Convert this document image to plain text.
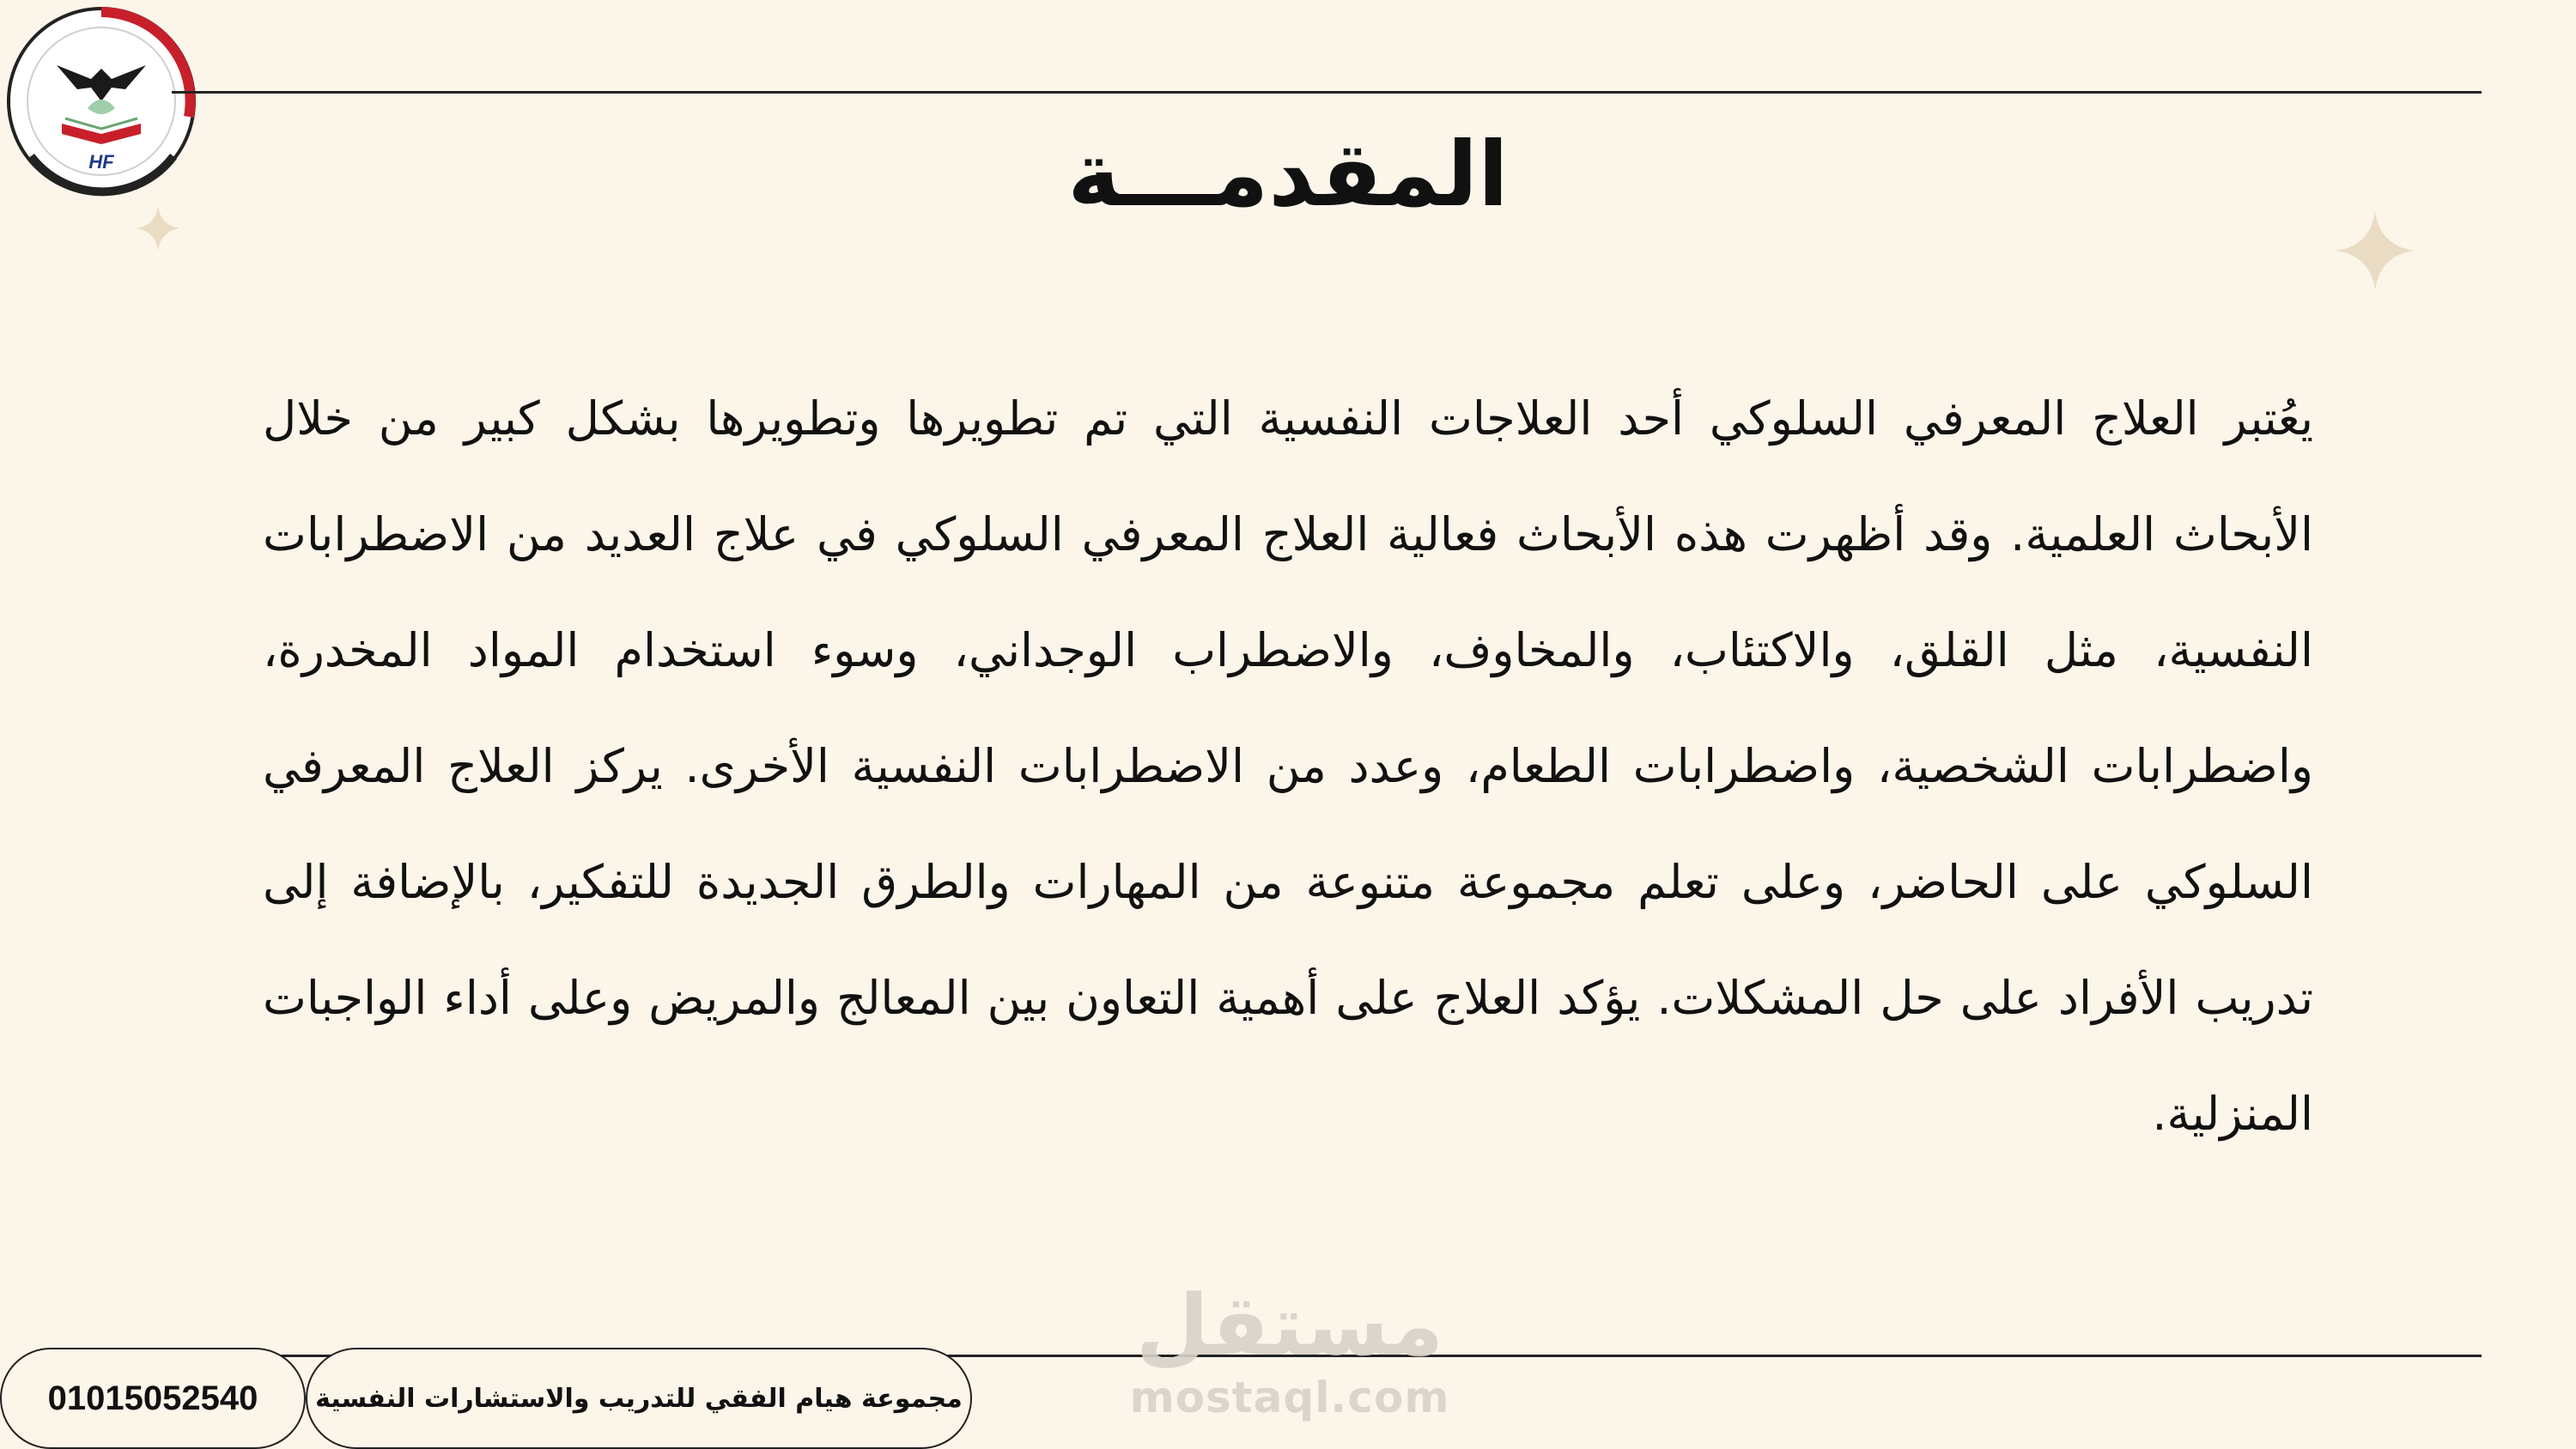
HF	المقدمـــة
يعُتبر العلاج المعرفي السلوكي أحد العلاجات النفسية التي تم تطويرها وتطويرها بشكل كبير من خلال الأبحاث العلمية. وقد أظهرت هذه الأبحاث فعالية العلاج المعرفي السلوكي في علاج العديد من الاضطرابات النفسية، مثل القلق، والاكتئاب، والمخاوف، والاضطراب الوجداني، وسوء استخدام المواد المخدرة، واضطرابات الشخصية، واضطرابات الطعام، وعدد من الاضطرابات النفسية الأخرى. يركز العلاج المعرفي السلوكي على الحاضر، وعلى تعلم مجموعة متنوعة من المهارات والطرق الجديدة للتفكير، بالإضافة إلى تدريب الأفراد على حل المشكلات. يؤكد العلاج على أهمية التعاون بين المعالج والمريض وعلى أداء الواجبات المنزلية.
مستقل
mostaql.com
مجموعة هيام الفقي للتدريب والاستشارات النفسية
01015052540
